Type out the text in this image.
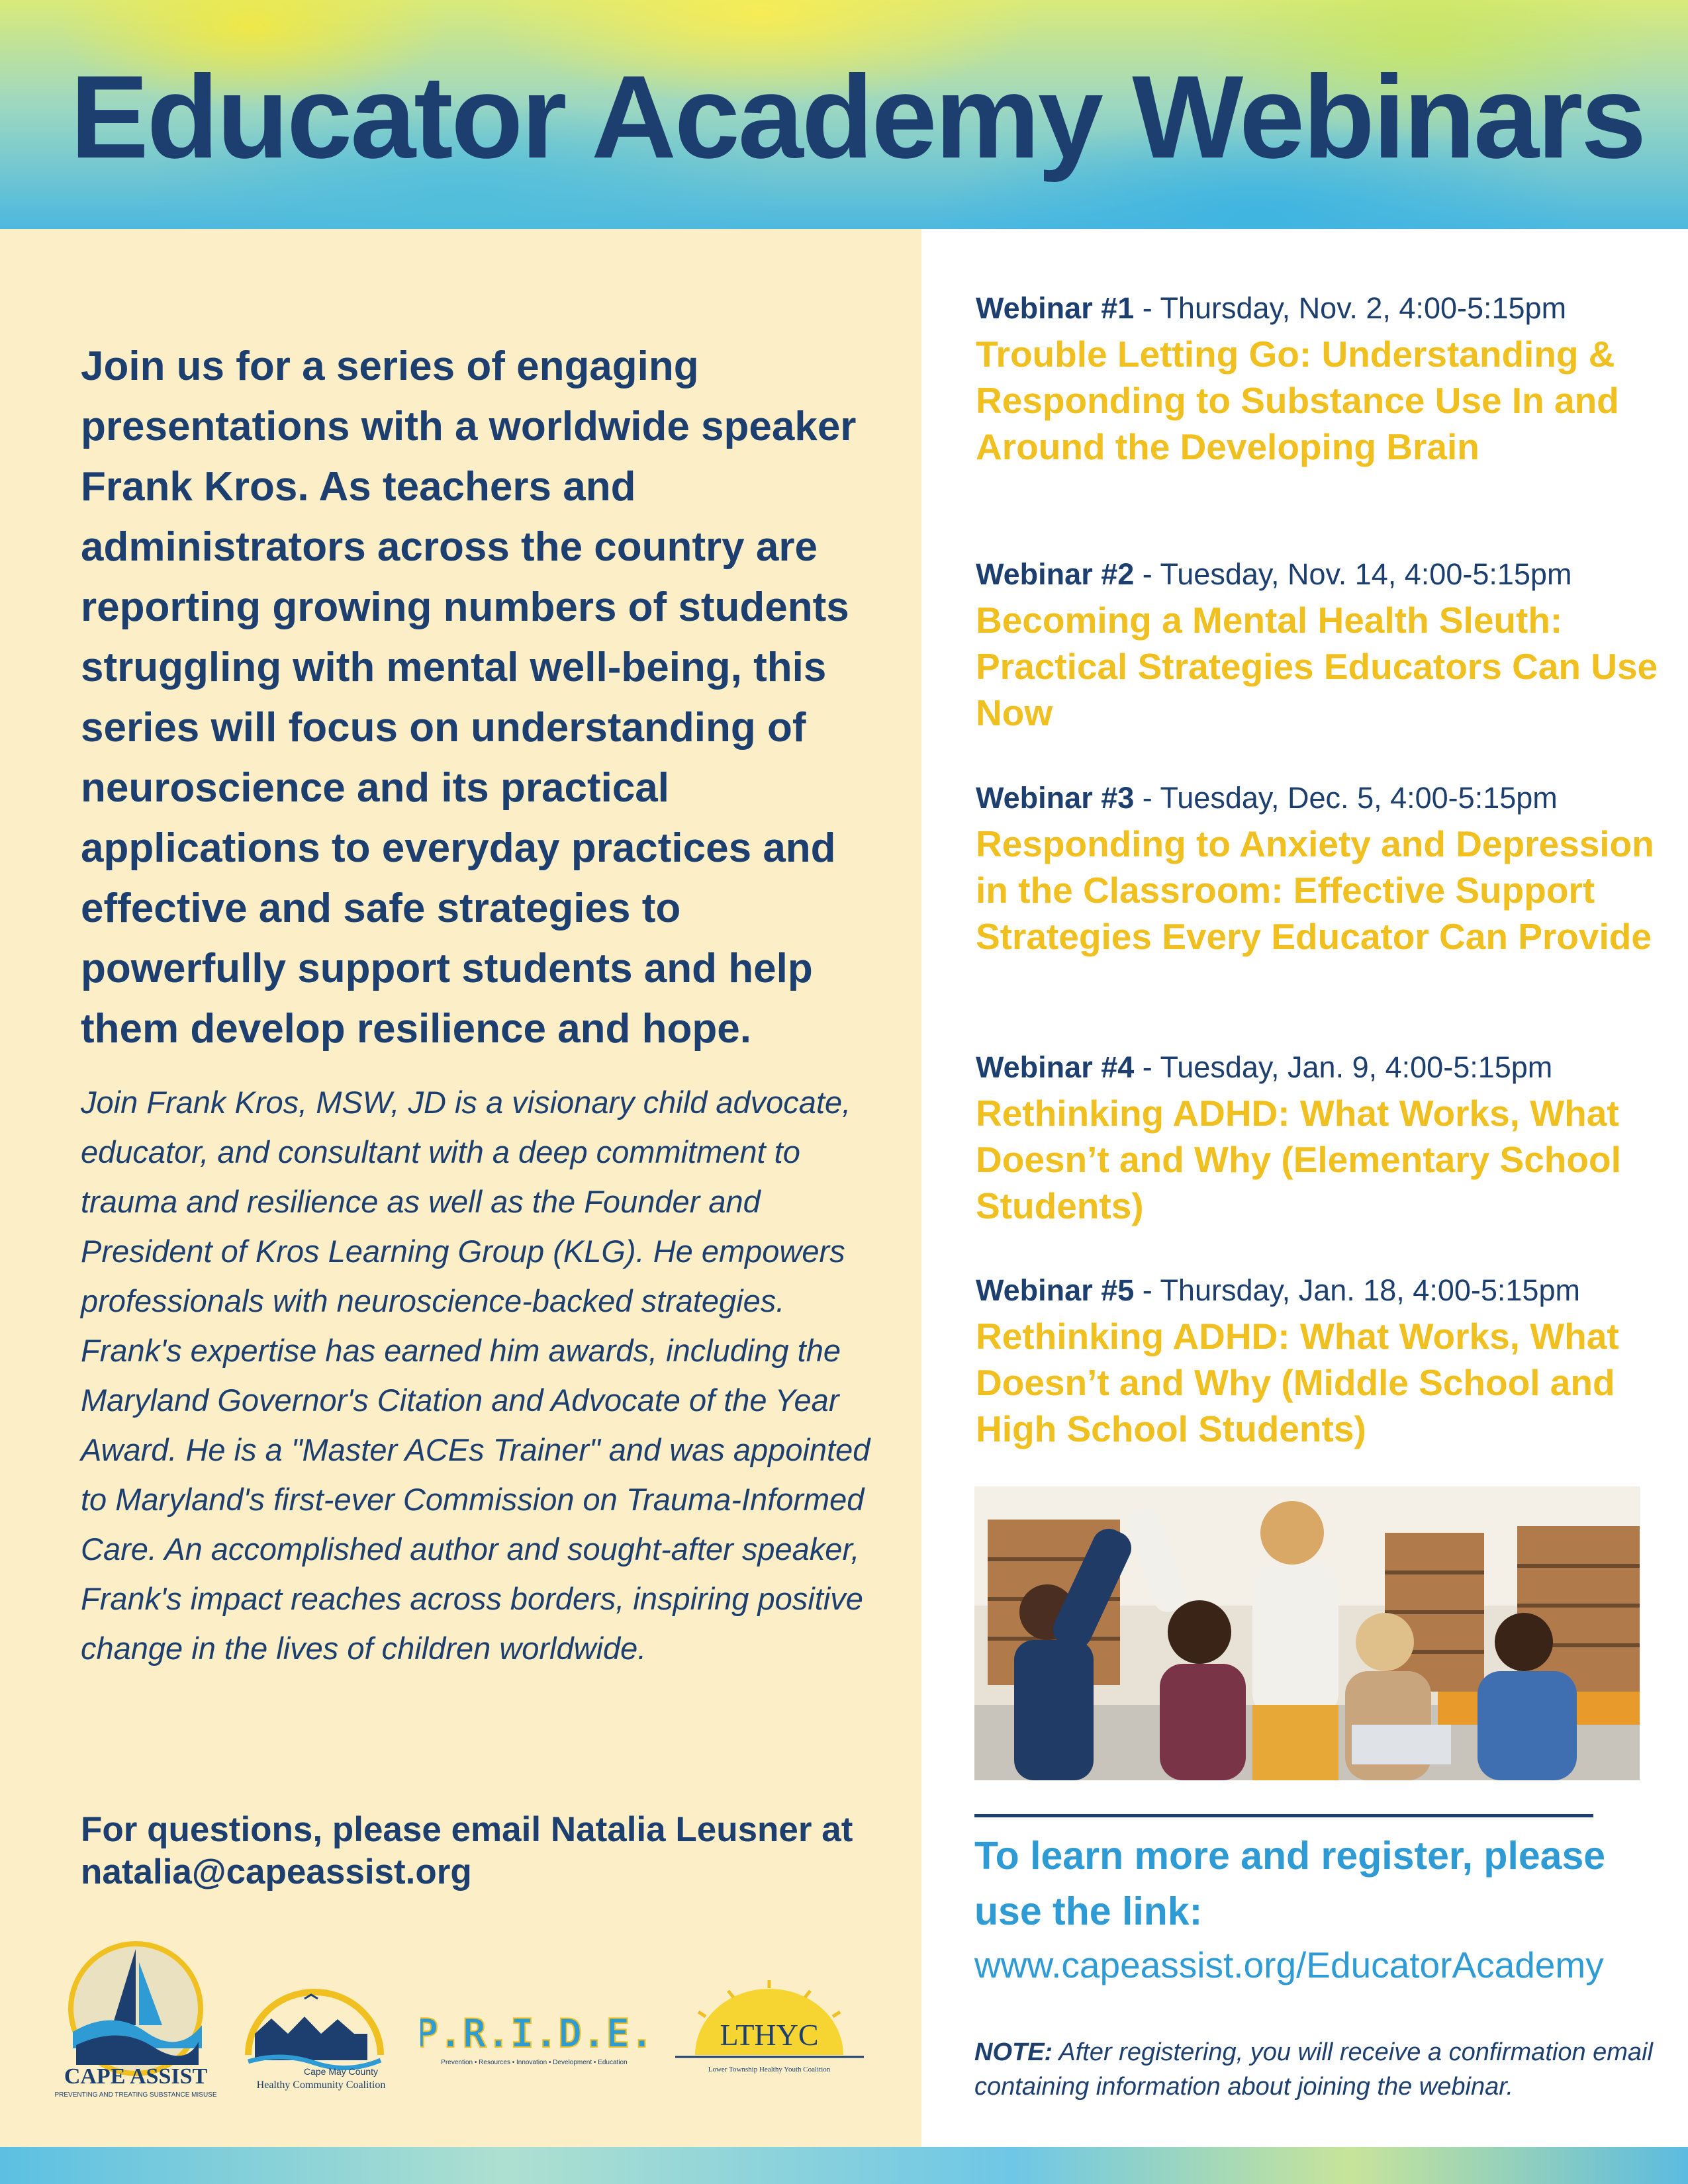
Educator Academy Webinars

Join us for a series of engaging presentations with a worldwide speaker Frank Kros. As teachers and administrators across the country are reporting growing numbers of students struggling with mental well-being, this series will focus on understanding of neuroscience and its practical applications to everyday practices and effective and safe strategies to powerfully support students and help them develop resilience and hope.

Join Frank Kros, MSW, JD is a visionary child advocate, educator, and consultant with a deep commitment to trauma and resilience as well as the Founder and President of Kros Learning Group (KLG). He empowers professionals with neuroscience-backed strategies. Frank's expertise has earned him awards, including the Maryland Governor's Citation and Advocate of the Year Award. He is a "Master ACEs Trainer" and was appointed to Maryland's first-ever Commission on Trauma-Informed Care. An accomplished author and sought-after speaker, Frank's impact reaches across borders, inspiring positive change in the lives of children worldwide.

For questions, please email Natalia Leusner at natalia@capeassist.org

CAPE ASSIST
PREVENTING AND TREATING SUBSTANCE MISUSE
Cape May County
Healthy Community Coalition
P.R.I.D.E.
Prevention • Resources • Innovation • Development • Education
LTHYC
Lower Township Healthy Youth Coalition
Webinar #1 - Thursday, Nov. 2, 4:00-5:15pm
Trouble Letting Go: Understanding & Responding to Substance Use In and Around the Developing Brain
Webinar #2 - Tuesday, Nov. 14, 4:00-5:15pm
Becoming a Mental Health Sleuth: Practical Strategies Educators Can Use Now
Webinar #3 - Tuesday, Dec. 5, 4:00-5:15pm
Responding to Anxiety and Depression in the Classroom: Effective Support Strategies Every Educator Can Provide
Webinar #4 - Tuesday, Jan. 9, 4:00-5:15pm
Rethinking ADHD: What Works, What Doesn’t and Why (Elementary School Students)
Webinar #5 - Thursday, Jan. 18, 4:00-5:15pm
Rethinking ADHD: What Works, What Doesn’t and Why (Middle School and High School Students)

To learn more and register, please use the link:

www.capeassist.org/EducatorAcademy

NOTE: After registering, you will receive a confirmation email containing information about joining the webinar.
